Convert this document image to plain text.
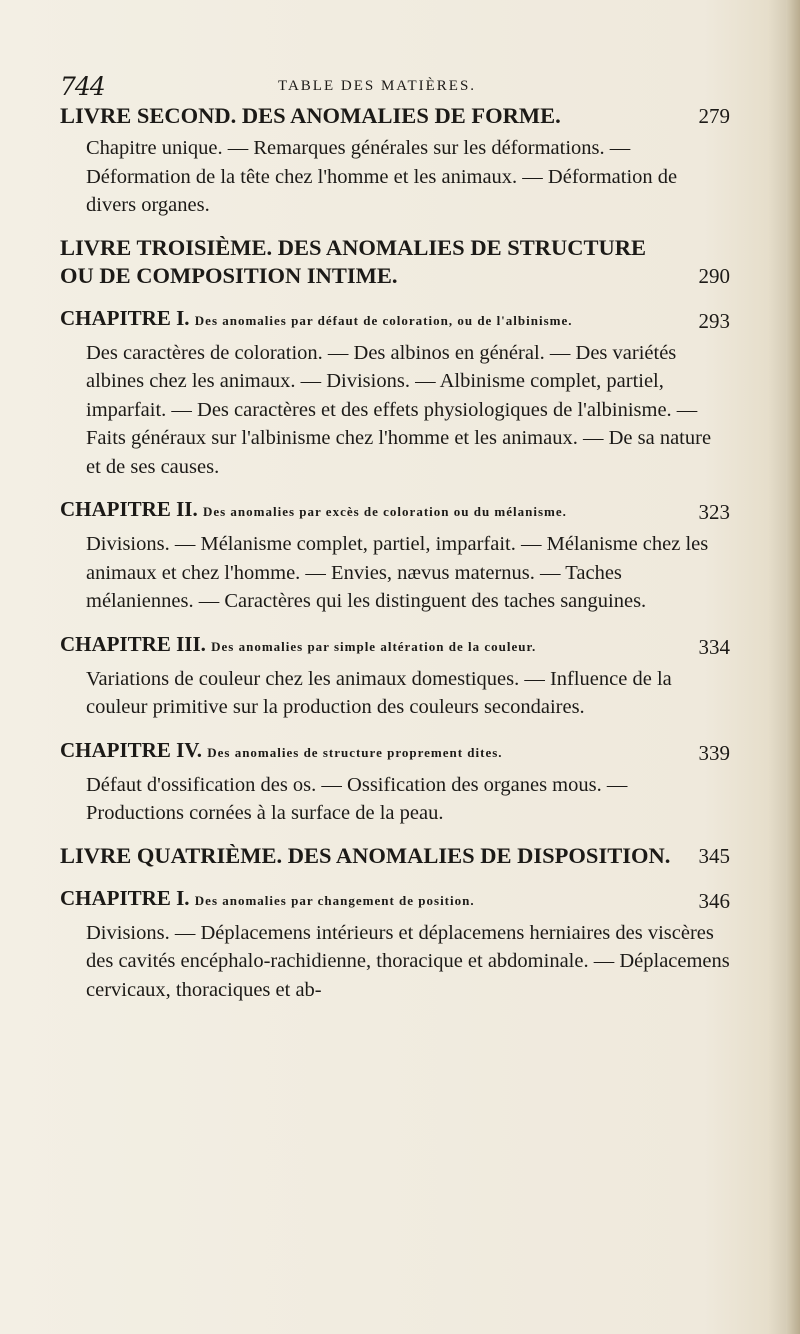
744	TABLE DES MATIÈRES.
LIVRE SECOND. DES ANOMALIES DE FORME.	279
Chapitre unique. — Remarques générales sur les déformations. —Déformation de la tête chez l'homme et les animaux. — Déformation de divers organes.
LIVRE TROISIÈME. DES ANOMALIES DE STRUCTURE OU DE COMPOSITION INTIME.	290
CHAPITRE I. Des anomalies par défaut de coloration, ou de l'albinisme.	293
Des caractères de coloration. — Des albinos en général. — Des variétés albines chez les animaux. — Divisions. — Albinisme complet, partiel, imparfait. — Des caractères et des effets physiologiques de l'albinisme. — Faits généraux sur l'albinisme chez l'homme et les animaux. — De sa nature et de ses causes.
CHAPITRE II. Des anomalies par excès de coloration ou du mélanisme.	323
Divisions. — Mélanisme complet, partiel, imparfait. — Mélanisme chez les animaux et chez l'homme. — Envies, nævus maternus. — Taches mélaniennes. — Caractères qui les distinguent des taches sanguines.
CHAPITRE III. Des anomalies par simple altération de la couleur.	334
Variations de couleur chez les animaux domestiques. — Influence de la couleur primitive sur la production des couleurs secondaires.
CHAPITRE IV. Des anomalies de structure proprement dites.	339
Défaut d'ossification des os. — Ossification des organes mous. — Productions cornées à la surface de la peau.
LIVRE QUATRIÈME. DES ANOMALIES DE DISPOSITION. 345
CHAPITRE I. Des anomalies par changement de position.	346
Divisions. — Déplacemens intérieurs et déplacemens herniaires des viscères des cavités encéphalo-rachidienne, thoracique et abdominale. — Déplacemens cervicaux, thoraciques et ab-
